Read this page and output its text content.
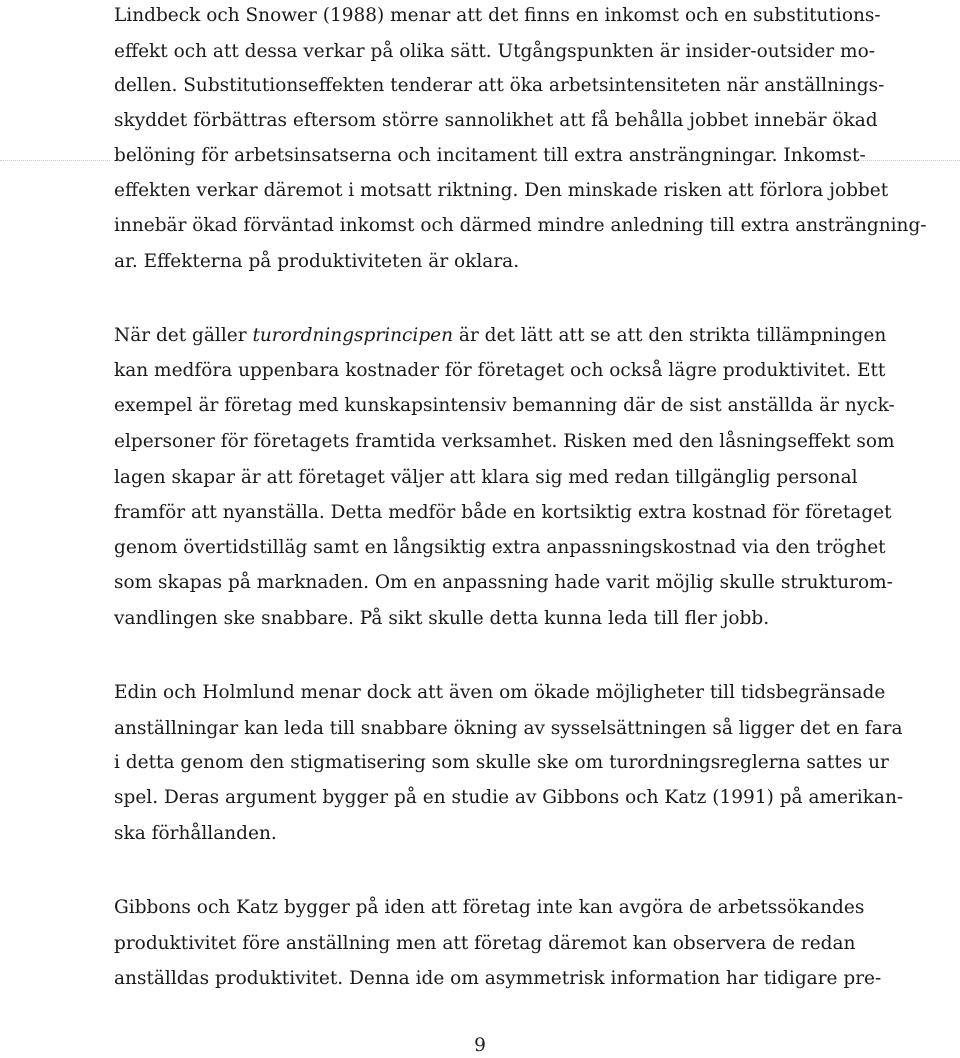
Lindbeck och Snower (1988) menar att det finns en inkomst och en substitutions-
effekt och att dessa verkar på olika sätt. Utgångspunkten är insider-outsider mo-
dellen. Substitutionseffekten tenderar att öka arbetsintensiteten när anställnings-
skyddet förbättras eftersom större sannolikhet att få behålla jobbet innebär ökad
belöning för arbetsinsatserna och incitament till extra ansträngningar. Inkomst-
effekten verkar däremot i motsatt riktning. Den minskade risken att förlora jobbet
innebär ökad förväntad inkomst och därmed mindre anledning till extra ansträngning-
ar. Effekterna på produktiviteten är oklara.
När det gäller turordningsprincipen är det lätt att se att den strikta tillämpningen
kan medföra uppenbara kostnader för företaget och också lägre produktivitet. Ett
exempel är företag med kunskapsintensiv bemanning där de sist anställda är nyck-
elpersoner för företagets framtida verksamhet. Risken med den låsningseffekt som
lagen skapar är att företaget väljer att klara sig med redan tillgänglig personal
framför att nyanställa. Detta medför både en kortsiktig extra kostnad för företaget
genom övertidstilläg samt en långsiktig extra anpassningskostnad via den tröghet
som skapas på marknaden. Om en anpassning hade varit möjlig skulle strukturom-
vandlingen ske snabbare. På sikt skulle detta kunna leda till fler jobb.
Edin och Holmlund menar dock att även om ökade möjligheter till tidsbegränsade
anställningar kan leda till snabbare ökning av sysselsättningen så ligger det en fara
i detta genom den stigmatisering som skulle ske om turordningsreglerna sattes ur
spel. Deras argument bygger på en studie av Gibbons och Katz (1991) på amerikan-
ska förhållanden.
Gibbons och Katz bygger på iden att företag inte kan avgöra de arbetssökandes
produktivitet före anställning men att företag däremot kan observera de redan
anställdas produktivitet. Denna ide om asymmetrisk information har tidigare pre-
9
